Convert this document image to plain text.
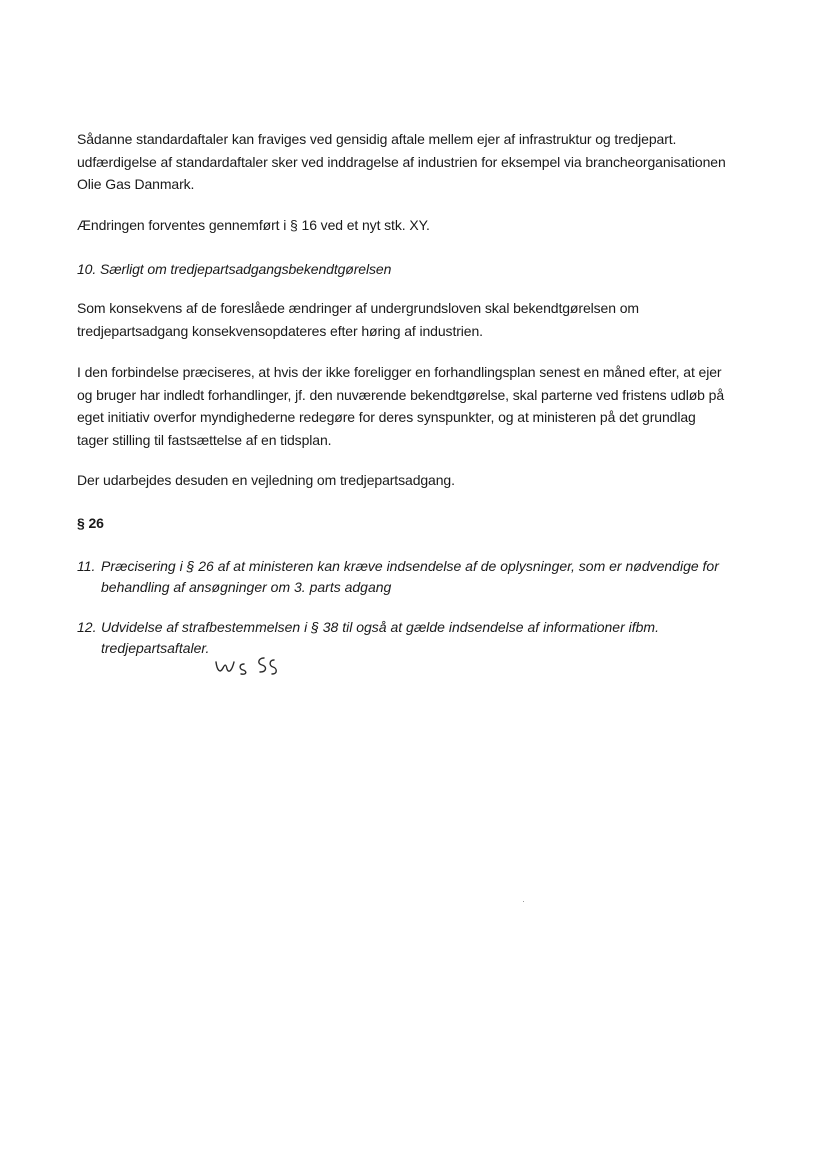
Sådanne standardaftaler kan fraviges ved gensidig aftale mellem ejer af infrastruktur og tredjepart.
udfærdigelse af standardaftaler sker ved inddragelse af industrien for eksempel via brancheorganisationen
Olie Gas Danmark.
Ændringen forventes gennemført i § 16 ved et nyt stk. XY.
10. Særligt om tredjepartsadgangsbekendtgørelsen
Som konsekvens af de foreslåede ændringer af undergrundsloven skal bekendtgørelsen om
tredjepartsadgang konsekvensopdateres efter høring af industrien.
I den forbindelse præciseres, at hvis der ikke foreligger en forhandlingsplan senest en måned efter, at ejer
og bruger har indledt forhandlinger, jf. den nuværende bekendtgørelse, skal parterne ved fristens udløb på
eget initiativ overfor myndighederne redegøre for deres synspunkter, og at ministeren på det grundlag
tager stilling til fastsættelse af en tidsplan.
Der udarbejdes desuden en vejledning om tredjepartsadgang.
§ 26
11. Præcisering i § 26 af at ministeren kan kræve indsendelse af de oplysninger, som er nødvendige for
behandling af ansøgninger om 3. parts adgang
12. Udvidelse af strafbestemmelsen i § 38 til også at gælde indsendelse af informationer ifbm.
tredjepartsaftaler.
